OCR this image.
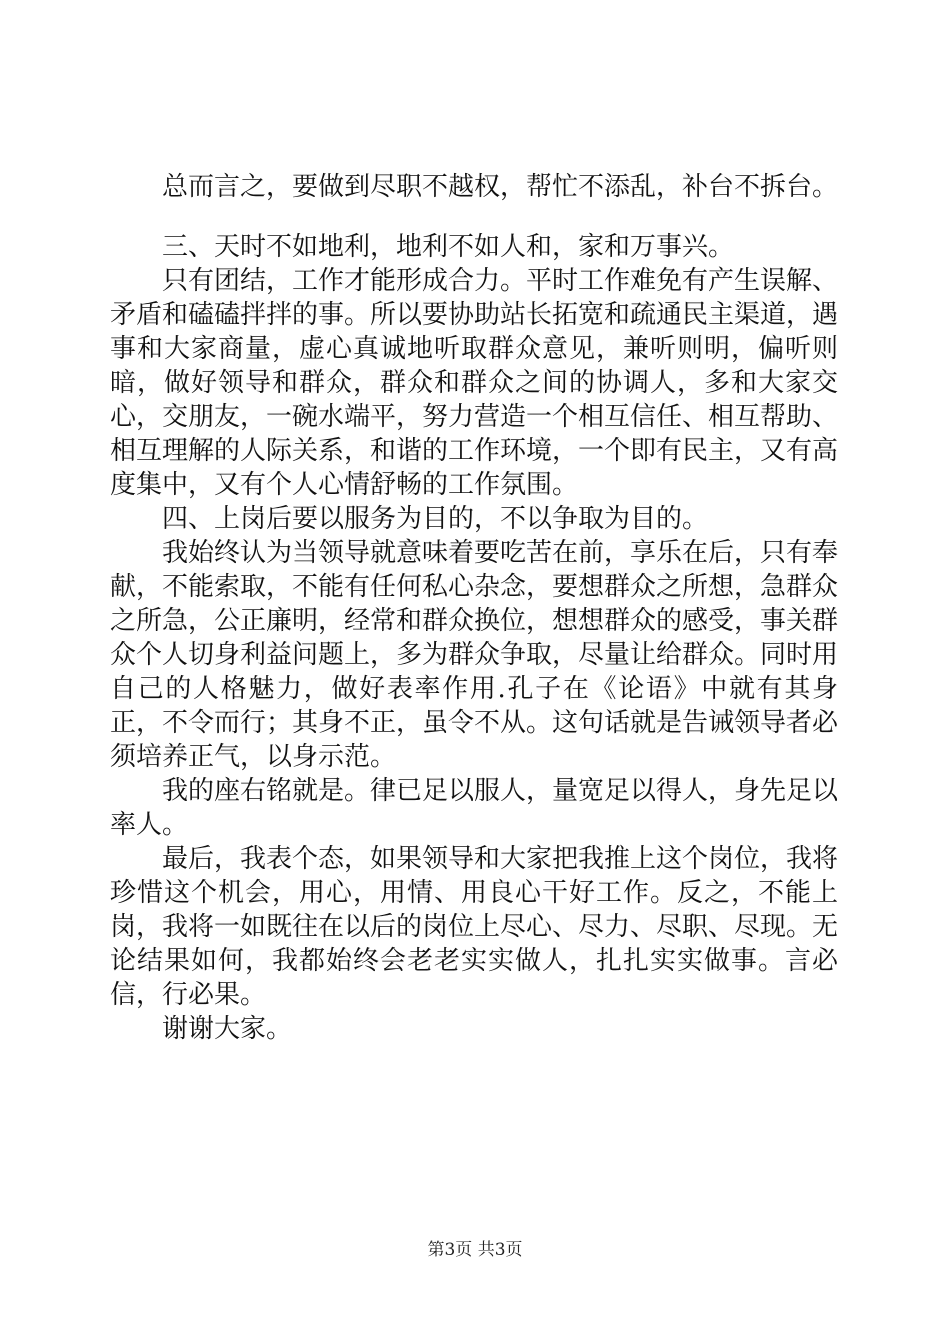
总而言之，要做到尽职不越权，帮忙不添乱，补台不拆台。

三、天时不如地利，地利不如人和，家和万事兴。

只有团结，工作才能形成合力。平时工作难免有产生误解、矛盾和磕磕拌拌的事。所以要协助站长拓宽和疏通民主渠道，遇事和大家商量，虚心真诚地听取群众意见，兼听则明，偏听则暗，做好领导和群众，群众和群众之间的协调人，多和大家交心，交朋友，一碗水端平，努力营造一个相互信任、相互帮助、相互理解的人际关系，和谐的工作环境，一个即有民主，又有高度集中，又有个人心情舒畅的工作氛围。

四、上岗后要以服务为目的，不以争取为目的。

我始终认为当领导就意味着要吃苦在前，享乐在后，只有奉献，不能索取，不能有任何私心杂念，要想群众之所想，急群众之所急，公正廉明，经常和群众换位，想想群众的感受，事关群众个人切身利益问题上，多为群众争取，尽量让给群众。同时用自己的人格魅力，做好表率作用.孔子在《论语》中就有其身正，不令而行；其身不正，虽令不从。这句话就是告诫领导者必须培养正气，以身示范。

我的座右铭就是。律已足以服人，量宽足以得人，身先足以率人。

最后，我表个态，如果领导和大家把我推上这个岗位，我将珍惜这个机会，用心，用情、用良心干好工作。反之，不能上岗，我将一如既往在以后的岗位上尽心、尽力、尽职、尽现。无论结果如何，我都始终会老老实实做人，扎扎实实做事。言必信，行必果。

谢谢大家。

第3页 共3页
